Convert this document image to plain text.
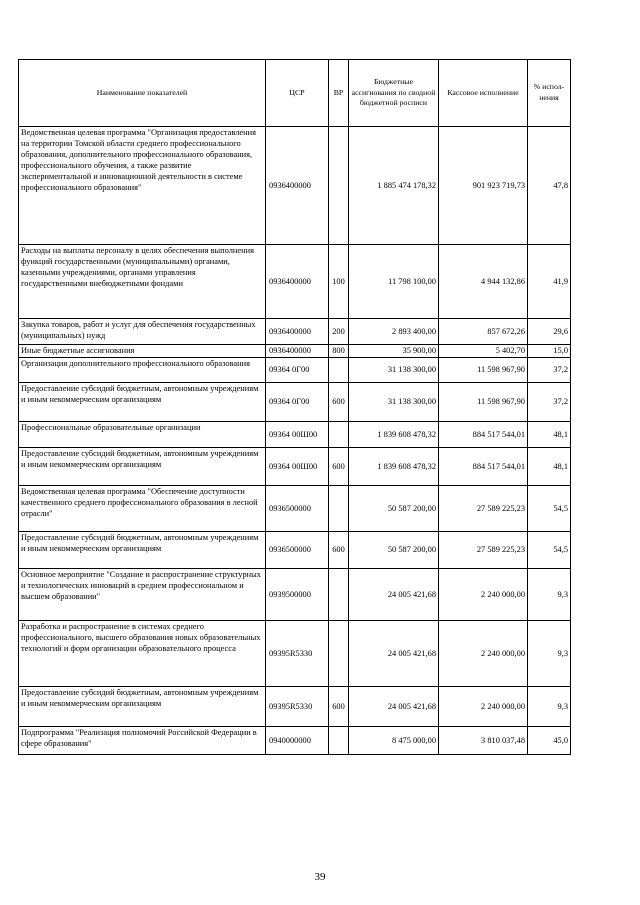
Наименование показателей	ЦСР	ВР	Бюджетные ассигнования по сводной бюджетной росписи	Кассовое исполнение	% испол-нения
Ведомственная целевая программа "Организация предоставления на территории Томской области среднего профессионального образования, дополнительного профессионального образования, профессионального обучения, а также развитие экспериментальной и инновационной деятельности в системе профессионального образования"	0936400000		1 885 474 178,32	901 923 719,73	47,8
Расходы на выплаты персоналу в целях обеспечения выполнения функций государственными (муниципальными) органами, казенными учреждениями, органами управления государственными внебюджетными фондами	0936400000	100	11 798 100,00	4 944 132,86	41,9
Закупка товаров, работ и услуг для обеспечения государственных (муниципальных) нужд	0936400000	200	2 893 400,00	857 672,26	29,6
Иные бюджетные ассигнования	0936400000	800	35 900,00	5 402,70	15,0
Организация дополнительного профессионального образования	09364 0Г00		31 138 300,00	11 598 967,90	37,2
Предоставление субсидий бюджетным, автономным учреждениям и иным некоммерческим организациям	09364 0Г00	600	31 138 300,00	11 598 967,90	37,2
Профессиональные образовательные организации	09364 00Ш00		1 839 608 478,32	884 517 544,01	48,1
Предоставление субсидий бюджетным, автономным учреждениям и иным некоммерческим организациям	09364 00Ш00	600	1 839 608 478,32	884 517 544,01	48,1
Ведомственная целевая программа "Обеспечение доступности качественного среднего профессионального образования в лесной отрасли"	0936500000		50 587 200,00	27 589 225,23	54,5
Предоставление субсидий бюджетным, автономным учреждениям и иным некоммерческим организациям	0936500000	600	50 587 200,00	27 589 225,23	54,5
Основное мероприятие "Создание и распространение структурных и технологических инноваций в среднем профессиональном и высшем образовании"	0939500000		24 005 421,68	2 240 000,00	9,3
Разработка и распространение в системах среднего профессионального, высшего образования новых образовательных технологий и форм организации образовательного процесса	09395R5330		24 005 421,68	2 240 000,00	9,3
Предоставление субсидий бюджетным, автономным учреждениям и иным некоммерческим организациям	09395R5330	600	24 005 421,68	2 240 000,00	9,3
Подпрограмма "Реализация полномочий Российской Федерации в сфере образования"	0940000000		8 475 000,00	3 810 037,48	45,0
39
